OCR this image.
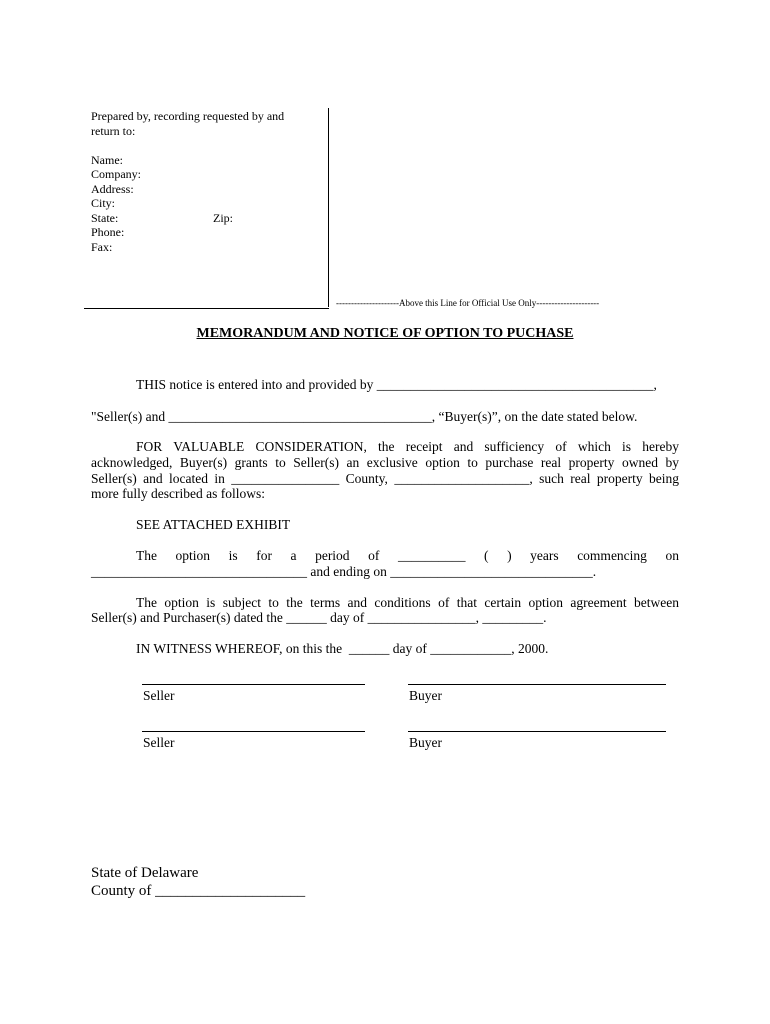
Prepared by, recording requested by and
return to:
Name:
Company:
Address:
City:
State:	Zip:
Phone:
Fax:
---------------------Above this Line for Official Use Only---------------------
MEMORANDUM AND NOTICE OF OPTION TO PUCHASE
THIS notice is entered into and provided by _________________________________________,
"Seller(s) and _______________________________________, “Buyer(s)”, on the date stated below.
FOR VALUABLE CONSIDERATION, the receipt and sufficiency of which is hereby
acknowledged, Buyer(s) grants to Seller(s) an exclusive option to purchase real property owned by
Seller(s) and located in ________________ County, ____________________, such real property being
more fully described as follows:
SEE ATTACHED EXHIBIT
The option is for a period of __________ ( ) years commencing on
________________________________ and ending on ______________________________.
The option is subject to the terms and conditions of that certain option agreement between
Seller(s) and Purchaser(s) dated the ______ day of ________________, _________.
IN WITNESS WHEREOF, on this the  ______ day of ____________, 2000.
Seller	Buyer
Seller	Buyer
State of Delaware
County of ____________________
